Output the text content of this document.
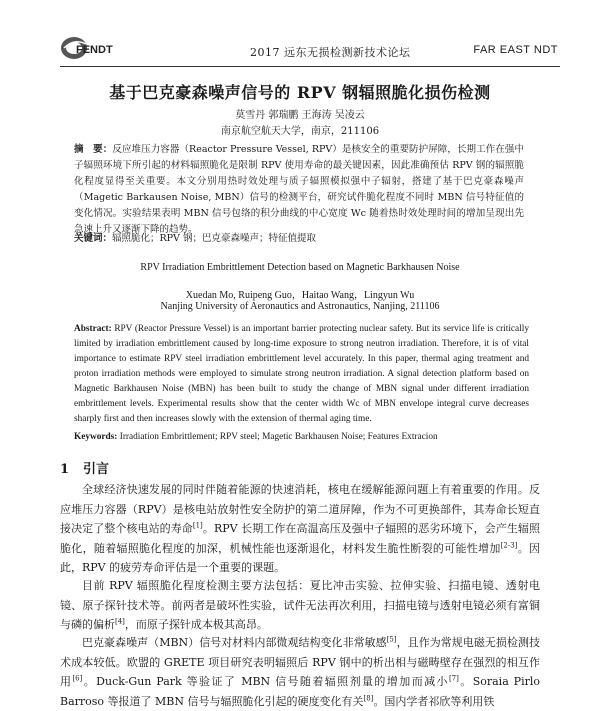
FENDT	2017 远东无损检测新技术论坛	FAR EAST NDT
基于巴克豪森噪声信号的 RPV 钢辐照脆化损伤检测
莫雪丹 郭瑞鹏 王海涛 吴凌云
南京航空航天大学，南京，211106
摘　要：反应堆压力容器（Reactor Pressure Vessel, RPV）是核安全的重要防护屏障，长期工作在强中子辐照环境下所引起的材料辐照脆化是限制 RPV 使用寿命的最关键因素，因此准确预估 RPV 钢的辐照脆化程度显得至关重要。本文分别用热时效处理与质子辐照模拟强中子辐射，搭建了基于巴克豪森噪声（Magetic Barkausen Noise, MBN）信号的检测平台，研究试件脆化程度不同时 MBN 信号特征值的变化情况。实验结果表明 MBN 信号包络的积分曲线的中心宽度 Wc 随着热时效处理时间的增加呈现出先急速上升又逐渐下降的趋势。
关键词：辐照脆化；RPV 钢；巴克豪森噪声；特征值提取
RPV Irradiation Embrittlement Detection based on Magnetic Barkhausen Noise
Xuedan Mo, Ruipeng Guo，Haitao Wang，Lingyun Wu
Nanjing University of Aeronautics and Astronautics, Nanjing, 211106
Abstract: RPV (Reactor Pressure Vessel) is an important barrier protecting nuclear safety. But its service life is critically limited by irradiation embrittlement caused by long-time exposure to strong neutron irradiation. Therefore, it is of vital importance to estimate RPV steel irradiation embrittlement level accurately. In this paper, thermal aging treatment and proton irradiation methods were employed to simulate strong neutron irradiation. A signal detection platform based on Magnetic Barkhausen Noise (MBN) has been built to study the change of MBN signal under different irradiation embrittlement levels. Experimental results show that the center width Wc of MBN envelope integral curve decreases sharply first and then increases slowly with the extension of thermal aging time.
Keywords: Irradiation Embrittlement; RPV steel; Magetic Barkhausen Noise; Features Extracion
1 引言

全球经济快速发展的同时伴随着能源的快速消耗，核电在缓解能源问题上有着重要的作用。反应堆压力容器（RPV）是核电站放射性安全防护的第二道屏障，作为不可更换部件，其寿命长短直接决定了整个核电站的寿命[1]。RPV 长期工作在高温高压及强中子辐照的恶劣环境下，会产生辐照脆化，随着辐照脆化程度的加深，机械性能也逐渐退化，材料发生脆性断裂的可能性增加[2-3]。因此，RPV 的疲劳寿命评估是一个重要的课题。

目前 RPV 辐照脆化程度检测主要方法包括：夏比冲击实验、拉伸实验、扫描电镜、透射电镜、原子探针技术等。前两者是破坏性实验，试件无法再次利用，扫描电镜与透射电镜必须有富铜与磷的偏析[4]，而原子探针成本极其高昂。

巴克豪森噪声（MBN）信号对材料内部微观结构变化非常敏感[5]，且作为常规电磁无损检测技术成本较低。欧盟的 GRETE 项目研究表明辐照后 RPV 钢中的析出相与磁畴壁存在强烈的相互作用[6]。Duck-Gun Park 等验证了 MBN 信号随着辐照剂量的增加而减小[7]。Soraia Pirlo Barroso 等报道了 MBN 信号与辐照脆化引起的硬度变化有关[8]。国内学者祁欣等利用铁
